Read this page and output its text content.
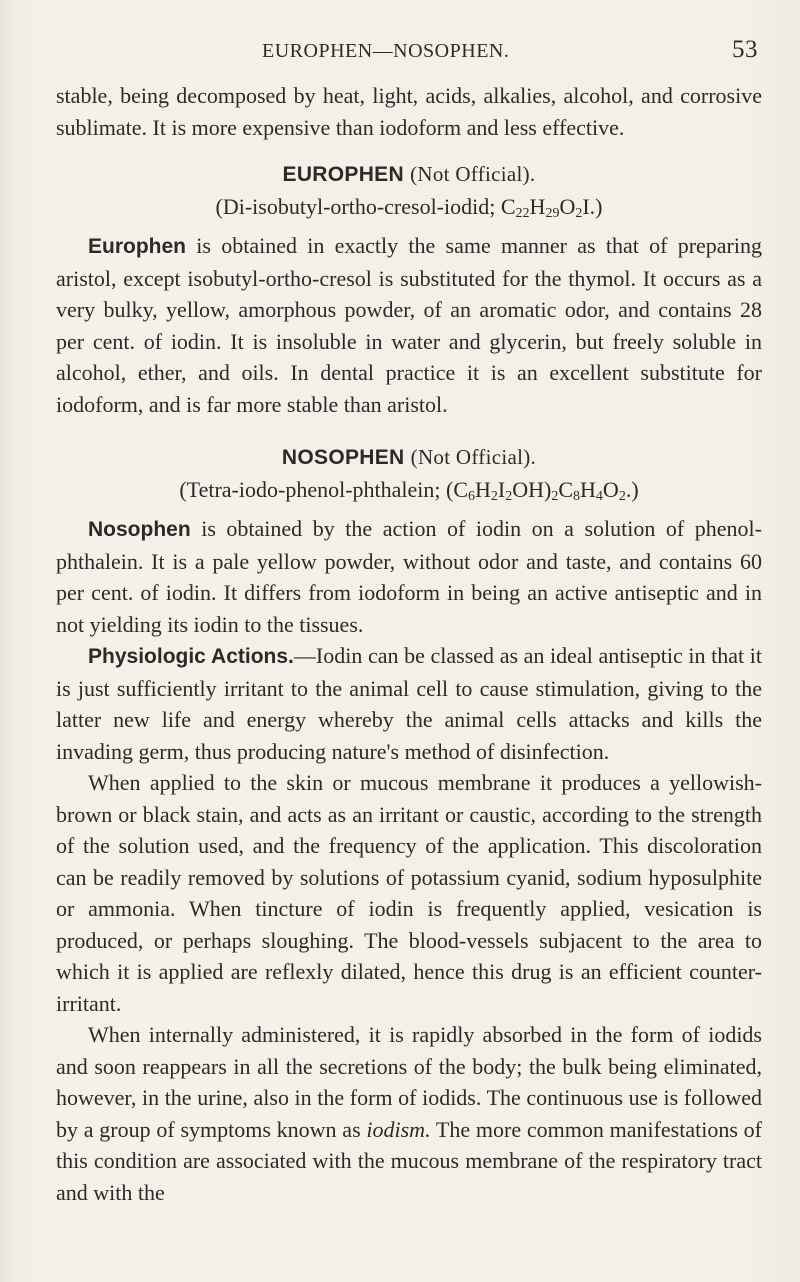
EUROPHEN—NOSOPHEN.	53

stable, being decomposed by heat, light, acids, alkalies, alcohol, and corrosive sublimate. It is more expensive than iodoform and less effective.

EUROPHEN (Not Official).

(Di-isobutyl-ortho-cresol-iodid; $C_{22}H_{29}O_2I$.)

Europhen is obtained in exactly the same manner as that of preparing aristol, except isobutyl-ortho-cresol is substituted for the thymol. It occurs as a very bulky, yellow, amorphous powder, of an aromatic odor, and contains 28 per cent. of iodin. It is insoluble in water and glycerin, but freely soluble in alcohol, ether, and oils. In dental practice it is an excellent substitute for iodoform, and is far more stable than aristol.

NOSOPHEN (Not Official).

(Tetra-iodo-phenol-phthalein; $(C_6H_2I_2OH)_2C_8H_4O_2$.)

Nosophen is obtained by the action of iodin on a solution of phenol-phthalein. It is a pale yellow powder, without odor and taste, and contains 60 per cent. of iodin. It differs from iodoform in being an active antiseptic and in not yielding its iodin to the tissues.

Physiologic Actions.—Iodin can be classed as an ideal antiseptic in that it is just sufficiently irritant to the animal cell to cause stimulation, giving to the latter new life and energy whereby the animal cells attacks and kills the invading germ, thus producing nature's method of disinfection.

When applied to the skin or mucous membrane it produces a yellowish-brown or black stain, and acts as an irritant or caustic, according to the strength of the solution used, and the frequency of the application. This discoloration can be readily removed by solutions of potassium cyanid, sodium hyposulphite or ammonia. When tincture of iodin is frequently applied, vesication is produced, or perhaps sloughing. The blood-vessels subjacent to the area to which it is applied are reflexly dilated, hence this drug is an efficient counter-irritant.

When internally administered, it is rapidly absorbed in the form of iodids and soon reappears in all the secretions of the body; the bulk being eliminated, however, in the urine, also in the form of iodids. The continuous use is followed by a group of symptoms known as iodism. The more common manifestations of this condition are associated with the mucous membrane of the respiratory tract and with the
